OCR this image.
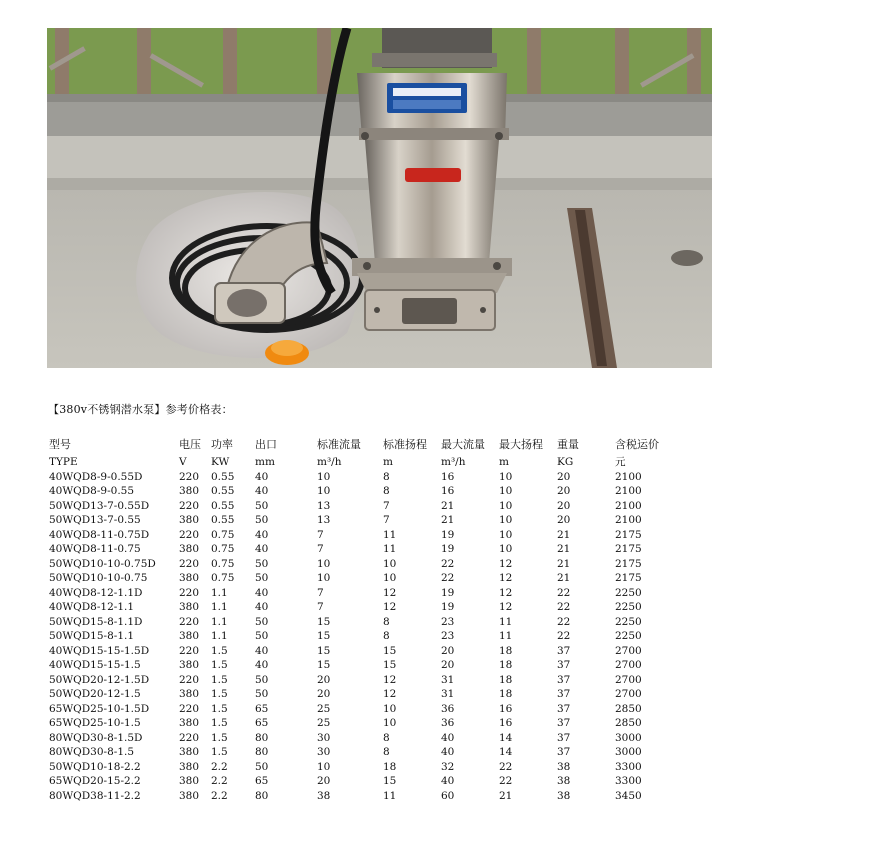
【380v不锈钢潜水泵】参考价格表：
型号	电压	功率	出口	标准流量	标准扬程	最大流量	最大扬程	重量	含税运价
TYPE	V	KW	mm	m³/h	m	m³/h	m	KG	元
40WQD8-9-0.55D	220	0.55	40	10	8	16	10	20	2100
40WQD8-9-0.55	380	0.55	40	10	8	16	10	20	2100
50WQD13-7-0.55D	220	0.55	50	13	7	21	10	20	2100
50WQD13-7-0.55	380	0.55	50	13	7	21	10	20	2100
40WQD8-11-0.75D	220	0.75	40	7	11	19	10	21	2175
40WQD8-11-0.75	380	0.75	40	7	11	19	10	21	2175
50WQD10-10-0.75D	220	0.75	50	10	10	22	12	21	2175
50WQD10-10-0.75	380	0.75	50	10	10	22	12	21	2175
40WQD8-12-1.1D	220	1.1	40	7	12	19	12	22	2250
40WQD8-12-1.1	380	1.1	40	7	12	19	12	22	2250
50WQD15-8-1.1D	220	1.1	50	15	8	23	11	22	2250
50WQD15-8-1.1	380	1.1	50	15	8	23	11	22	2250
40WQD15-15-1.5D	220	1.5	40	15	15	20	18	37	2700
40WQD15-15-1.5	380	1.5	40	15	15	20	18	37	2700
50WQD20-12-1.5D	220	1.5	50	20	12	31	18	37	2700
50WQD20-12-1.5	380	1.5	50	20	12	31	18	37	2700
65WQD25-10-1.5D	220	1.5	65	25	10	36	16	37	2850
65WQD25-10-1.5	380	1.5	65	25	10	36	16	37	2850
80WQD30-8-1.5D	220	1.5	80	30	8	40	14	37	3000
80WQD30-8-1.5	380	1.5	80	30	8	40	14	37	3000
50WQD10-18-2.2	380	2.2	50	10	18	32	22	38	3300
65WQD20-15-2.2	380	2.2	65	20	15	40	22	38	3300
80WQD38-11-2.2	380	2.2	80	38	11	60	21	38	3450
